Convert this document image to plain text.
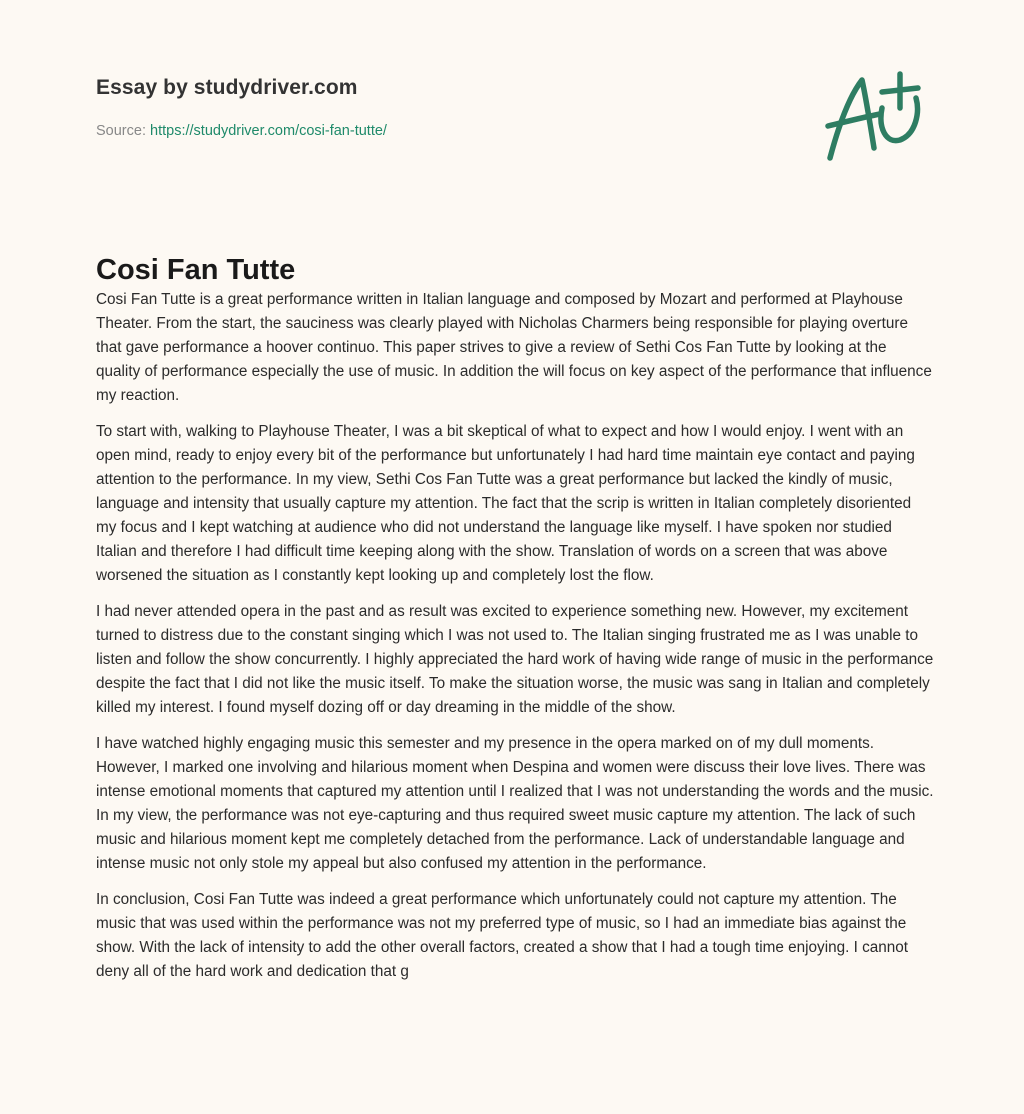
Essay by studydriver.com
Source: https://studydriver.com/cosi-fan-tutte/
Cosi Fan Tutte

Cosi Fan Tutte is a great performance written in Italian language and composed by Mozart and performed at Playhouse Theater. From the start, the sauciness was clearly played with Nicholas Charmers being responsible for playing overture that gave performance a hoover continuo. This paper strives to give a review of Sethi Cos Fan Tutte by looking at the quality of performance especially the use of music. In addition the will focus on key aspect of the performance that influence my reaction.

To start with, walking to Playhouse Theater, I was a bit skeptical of what to expect and how I would enjoy. I went with an open mind, ready to enjoy every bit of the performance but unfortunately I had hard time maintain eye contact and paying attention to the performance. In my view, Sethi Cos Fan Tutte was a great performance but lacked the kindly of music, language and intensity that usually capture my attention. The fact that the scrip is written in Italian completely disoriented my focus and I kept watching at audience who did not understand the language like myself. I have spoken nor studied Italian and therefore I had difficult time keeping along with the show. Translation of words on a screen that was above worsened the situation as I constantly kept looking up and completely lost the flow.

I had never attended opera in the past and as result was excited to experience something new. However, my excitement turned to distress due to the constant singing which I was not used to. The Italian singing frustrated me as I was unable to listen and follow the show concurrently. I highly appreciated the hard work of having wide range of music in the performance despite the fact that I did not like the music itself. To make the situation worse, the music was sang in Italian and completely killed my interest. I found myself dozing off or day dreaming in the middle of the show.

I have watched highly engaging music this semester and my presence in the opera marked on of my dull moments. However, I marked one involving and hilarious moment when Despina and women were discuss their love lives. There was intense emotional moments that captured my attention until I realized that I was not understanding the words and the music. In my view, the performance was not eye-capturing and thus required sweet music capture my attention. The lack of such music and hilarious moment kept me completely detached from the performance. Lack of understandable language and intense music not only stole my appeal but also confused my attention in the performance.

In conclusion, Cosi Fan Tutte was indeed a great performance which unfortunately could not capture my attention. The music that was used within the performance was not my preferred type of music, so I had an immediate bias against the show. With the lack of intensity to add the other overall factors, created a show that I had a tough time enjoying. I cannot deny all of the hard work and dedication that g
